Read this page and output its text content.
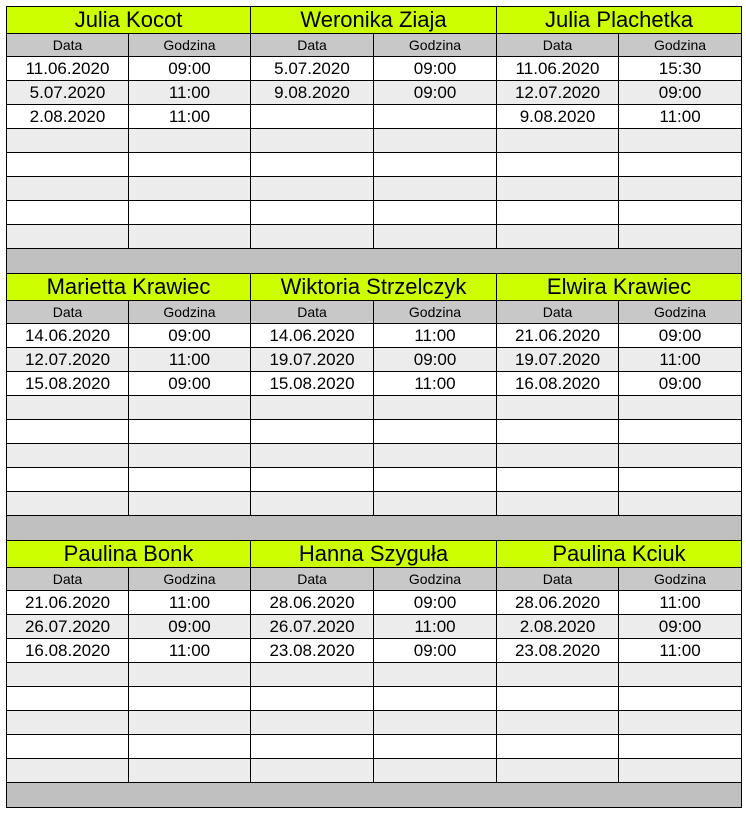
Julia Kocot		Weronika Ziaja		Julia Plachetka	
Data	Godzina	Data	Godzina	Data	Godzina
11.06.2020	09:00	5.07.2020	09:00	11.06.2020	15:30
5.07.2020	11:00	9.08.2020	09:00	12.07.2020	09:00
2.08.2020	11:00			9.08.2020	11:00

Marietta Krawiec		Wiktoria Strzelczyk		Elwira Krawiec	
Data	Godzina	Data	Godzina	Data	Godzina
14.06.2020	09:00	14.06.2020	11:00	21.06.2020	09:00
12.07.2020	11:00	19.07.2020	09:00	19.07.2020	11:00
15.08.2020	09:00	15.08.2020	11:00	16.08.2020	09:00

Paulina Bonk		Hanna Szyguła		Paulina Kciuk	
Data	Godzina	Data	Godzina	Data	Godzina
21.06.2020	11:00	28.06.2020	09:00	28.06.2020	11:00
26.07.2020	09:00	26.07.2020	11:00	2.08.2020	09:00
16.08.2020	11:00	23.08.2020	09:00	23.08.2020	11:00
